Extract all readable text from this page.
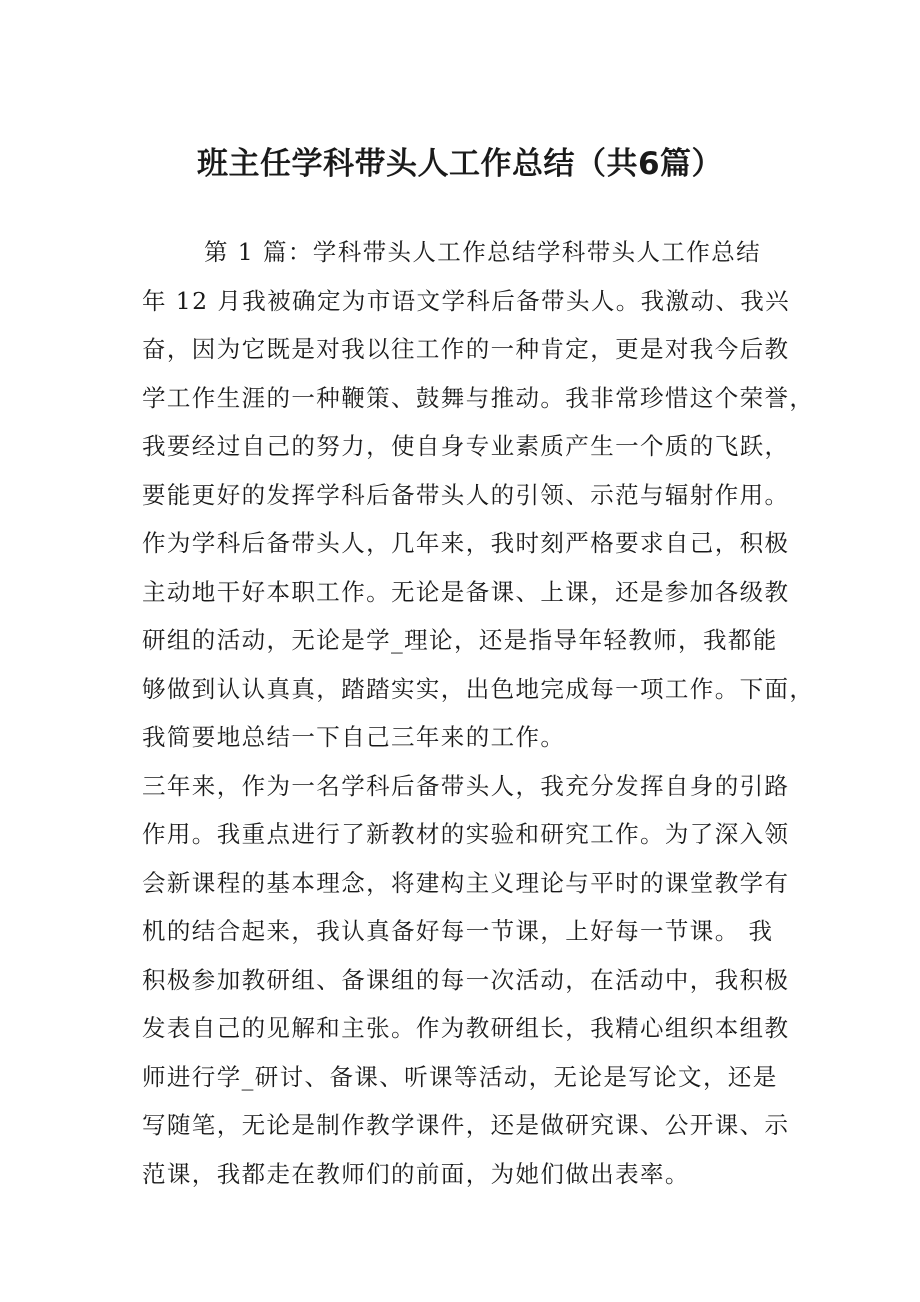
班主任学科带头人工作总结（共6篇）
第 1 篇：学科带头人工作总结学科带头人工作总结
年 12 月我被确定为市语文学科后备带头人。我激动、我兴
奋，因为它既是对我以往工作的一种肯定，更是对我今后教
学工作生涯的一种鞭策、鼓舞与推动。我非常珍惜这个荣誉，
我要经过自己的努力，使自身专业素质产生一个质的飞跃，
要能更好的发挥学科后备带头人的引领、示范与辐射作用。
作为学科后备带头人，几年来，我时刻严格要求自己，积极
主动地干好本职工作。无论是备课、上课，还是参加各级教
研组的活动，无论是学_理论，还是指导年轻教师，我都能
够做到认认真真，踏踏实实，出色地完成每一项工作。下面，
我简要地总结一下自己三年来的工作。
三年来，作为一名学科后备带头人，我充分发挥自身的引路
作用。我重点进行了新教材的实验和研究工作。为了深入领
会新课程的基本理念，将建构主义理论与平时的课堂教学有
机的结合起来，我认真备好每一节课，上好每一节课。 我
积极参加教研组、备课组的每一次活动，在活动中，我积极
发表自己的见解和主张。作为教研组长，我精心组织本组教
师进行学_研讨、备课、听课等活动，无论是写论文，还是
写随笔，无论是制作教学课件，还是做研究课、公开课、示
范课，我都走在教师们的前面，为她们做出表率。
